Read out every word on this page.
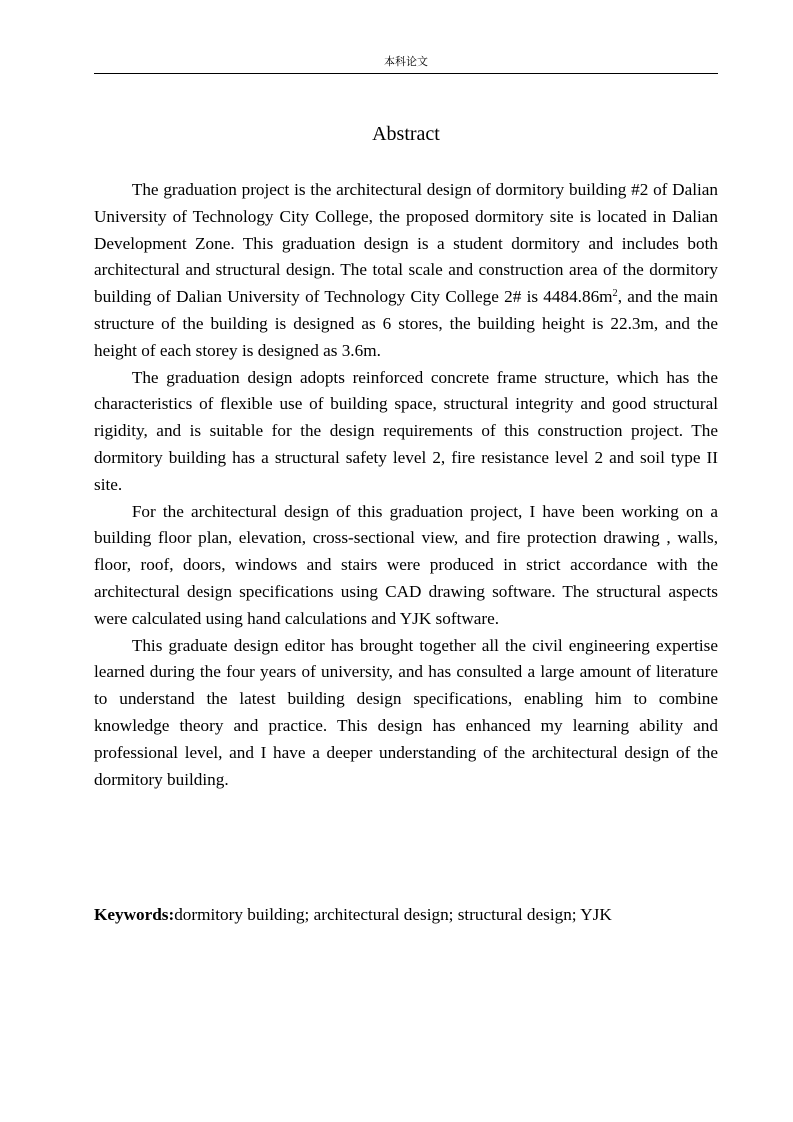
本科论文
Abstract

The graduation project is the architectural design of dormitory building #2 of Dalian University of Technology City College, the proposed dormitory site is located in Dalian Development Zone. This graduation design is a student dormitory and includes both architectural and structural design. The total scale and construction area of the dormitory building of Dalian University of Technology City College 2# is $4484.86m^2$, and the main structure of the building is designed as 6 stores, the building height is 22.3m, and the height of each storey is designed as 3.6m.

The graduation design adopts reinforced concrete frame structure, which has the characteristics of flexible use of building space, structural integrity and good structural rigidity, and is suitable for the design requirements of this construction project. The dormitory building has a structural safety level 2, fire resistance level 2 and soil type II site.

For the architectural design of this graduation project, I have been working on a building floor plan, elevation, cross-sectional view, and fire protection drawing , walls, floor, roof, doors, windows and stairs were produced in strict accordance with the architectural design specifications using CAD drawing software. The structural aspects were calculated using hand calculations and YJK software.

This graduate design editor has brought together all the civil engineering expertise learned during the four years of university, and has consulted a large amount of literature to understand the latest building design specifications, enabling him to combine knowledge theory and practice. This design has enhanced my learning ability and professional level, and I have a deeper understanding of the architectural design of the dormitory building.

Keywords:dormitory building; architectural design; structural design; YJK
